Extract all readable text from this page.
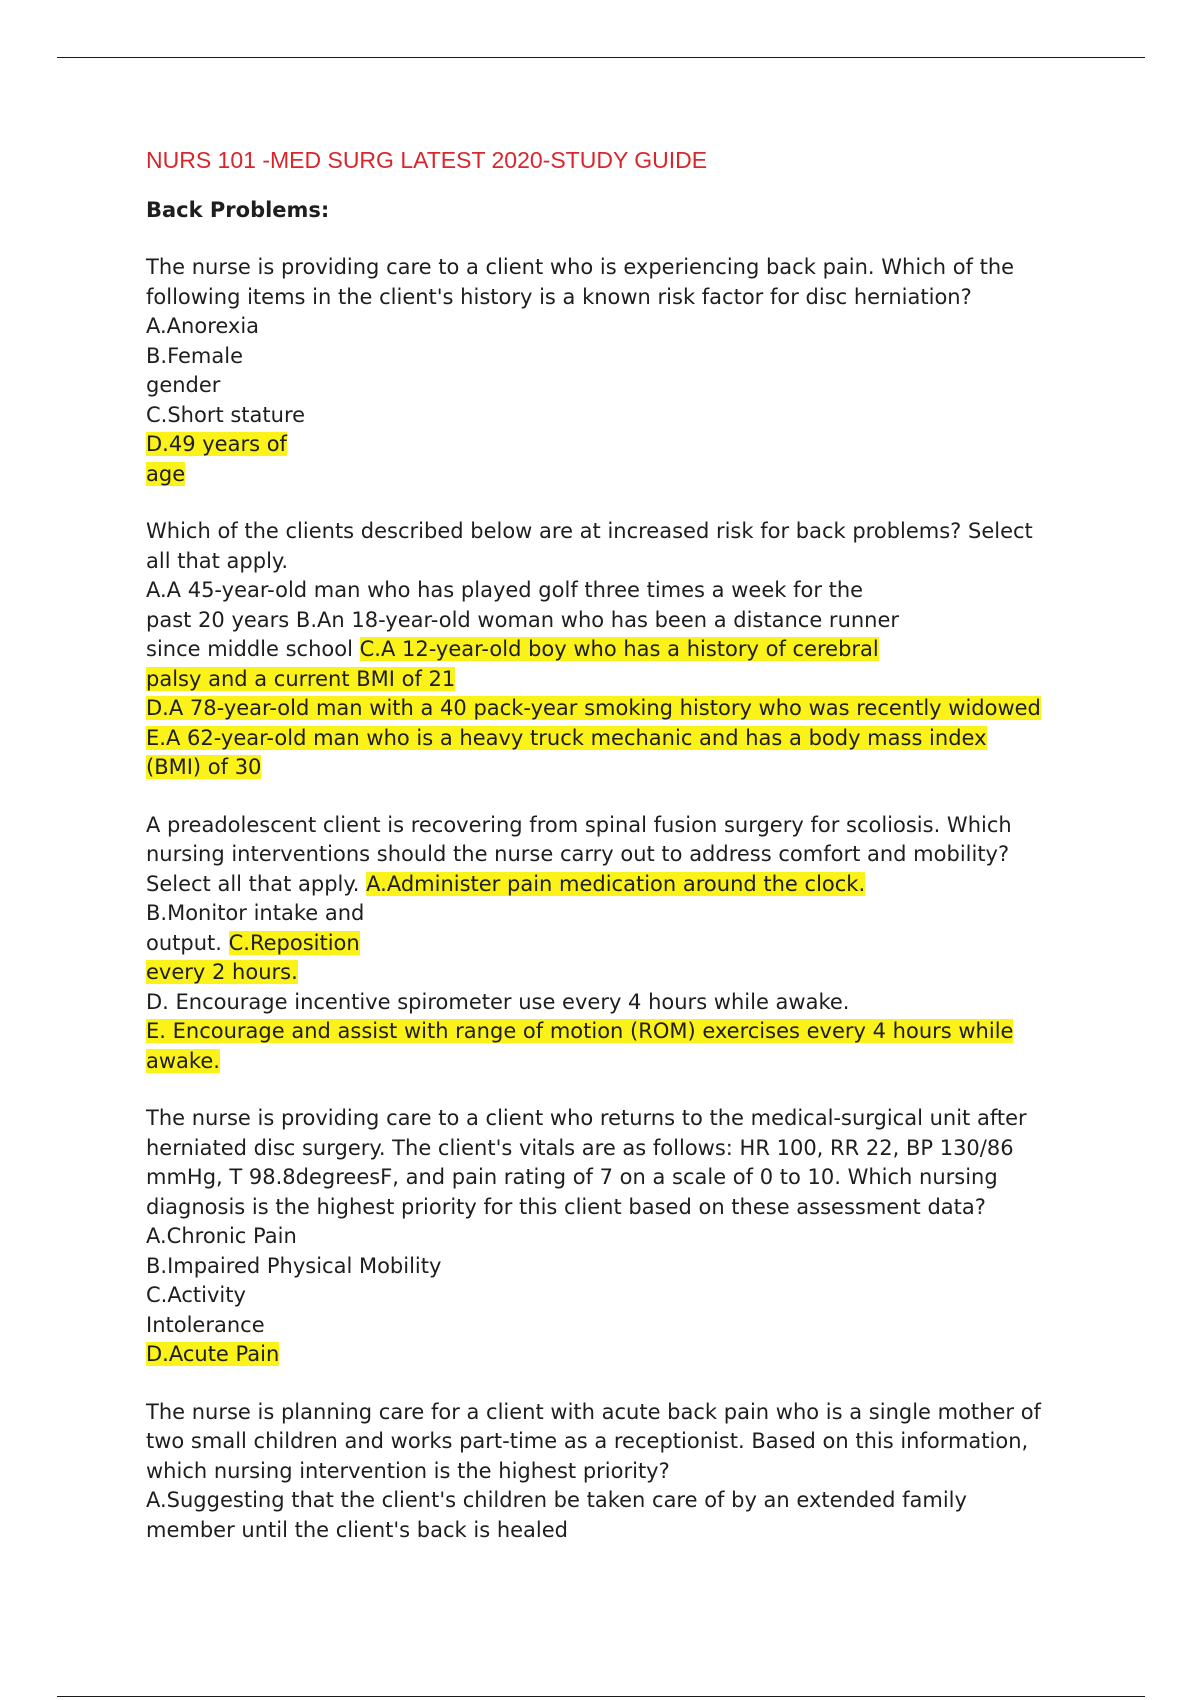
NURS 101 -MED SURG LATEST 2020-STUDY GUIDE
Back Problems:
The nurse is providing care to a client who is experiencing back pain. Which of the
following items in the client's history is a known risk factor for disc herniation?
A.Anorexia
B.Female
gender
C.Short stature
D.49 years of
age
Which of the clients described below are at increased risk for back problems? Select
all that apply.
A.A 45-year-old man who has played golf three times a week for the
past 20 years B.An 18-year-old woman who has been a distance runner
since middle school C.A 12-year-old boy who has a history of cerebral
palsy and a current BMI of 21
D.A 78-year-old man with a 40 pack-year smoking history who was recently widowed
E.A 62-year-old man who is a heavy truck mechanic and has a body mass index
(BMI) of 30
A preadolescent client is recovering from spinal fusion surgery for scoliosis. Which
nursing interventions should the nurse carry out to address comfort and mobility?
Select all that apply. A.Administer pain medication around the clock.
B.Monitor intake and
output. C.Reposition
every 2 hours.
D. Encourage incentive spirometer use every 4 hours while awake.
E. Encourage and assist with range of motion (ROM) exercises every 4 hours while
awake.
The nurse is providing care to a client who returns to the medical-surgical unit after
herniated disc surgery. The client's vitals are as follows: HR 100, RR 22, BP 130/86
mmHg, T 98.8degreesF, and pain rating of 7 on a scale of 0 to 10. Which nursing
diagnosis is the highest priority for this client based on these assessment data?
A.Chronic Pain
B.Impaired Physical Mobility
C.Activity
Intolerance
D.Acute Pain
The nurse is planning care for a client with acute back pain who is a single mother of
two small children and works part-time as a receptionist. Based on this information,
which nursing intervention is the highest priority?
A.Suggesting that the client's children be taken care of by an extended family
member until the client's back is healed
